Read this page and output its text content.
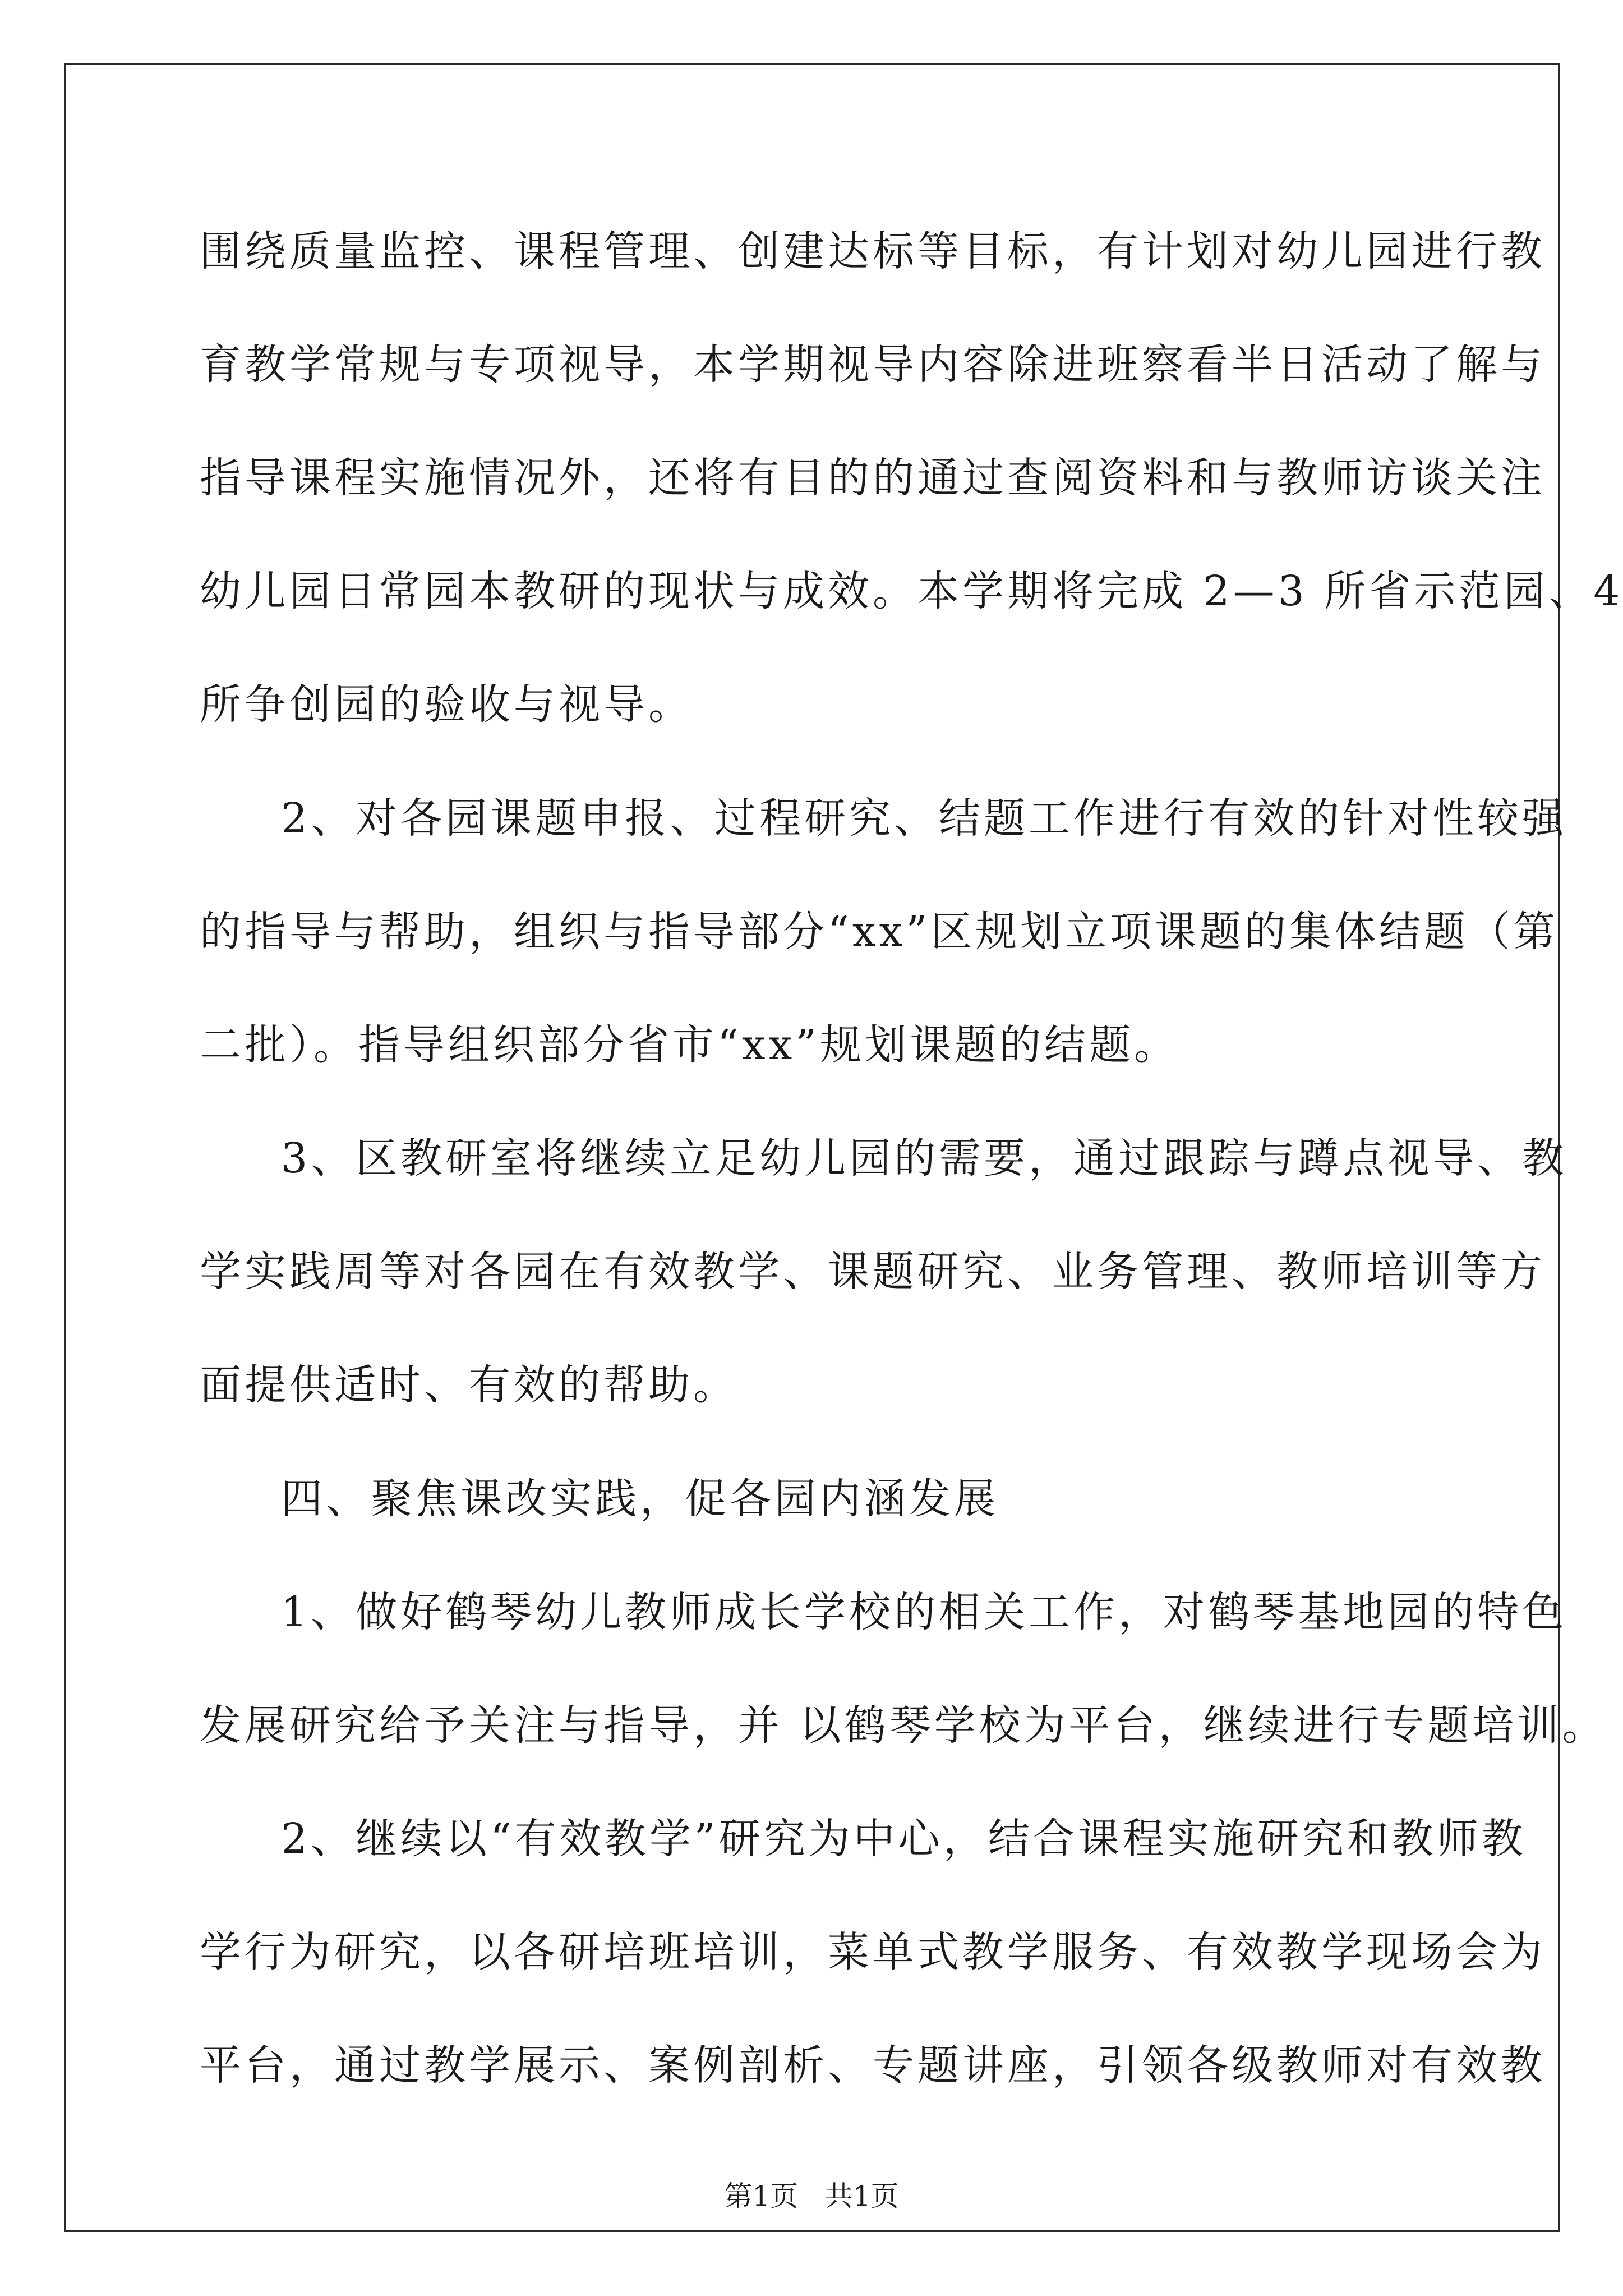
围绕质量监控、课程管理、创建达标等目标，有计划对幼儿园进行教
育教学常规与专项视导，本学期视导内容除进班察看半日活动了解与
指导课程实施情况外，还将有目的的通过查阅资料和与教师访谈关注
幼儿园日常园本教研的现状与成效。本学期将完成 2—3 所省示范园、4
所争创园的验收与视导。
2、对各园课题申报、过程研究、结题工作进行有效的针对性较强
的指导与帮助，组织与指导部分“xx”区规划立项课题的集体结题（第
二批）。指导组织部分省市“xx”规划课题的结题。
3、区教研室将继续立足幼儿园的需要，通过跟踪与蹲点视导、教
学实践周等对各园在有效教学、课题研究、业务管理、教师培训等方
面提供适时、有效的帮助。
四、聚焦课改实践，促各园内涵发展
1、做好鹤琴幼儿教师成长学校的相关工作，对鹤琴基地园的特色
发展研究给予关注与指导，并 以鹤琴学校为平台，继续进行专题培训。
2、继续以“有效教学”研究为中心，结合课程实施研究和教师教
学行为研究，以各研培班培训，菜单式教学服务、有效教学现场会为
平台，通过教学展示、案例剖析、专题讲座，引领各级教师对有效教
第1页   共1页
